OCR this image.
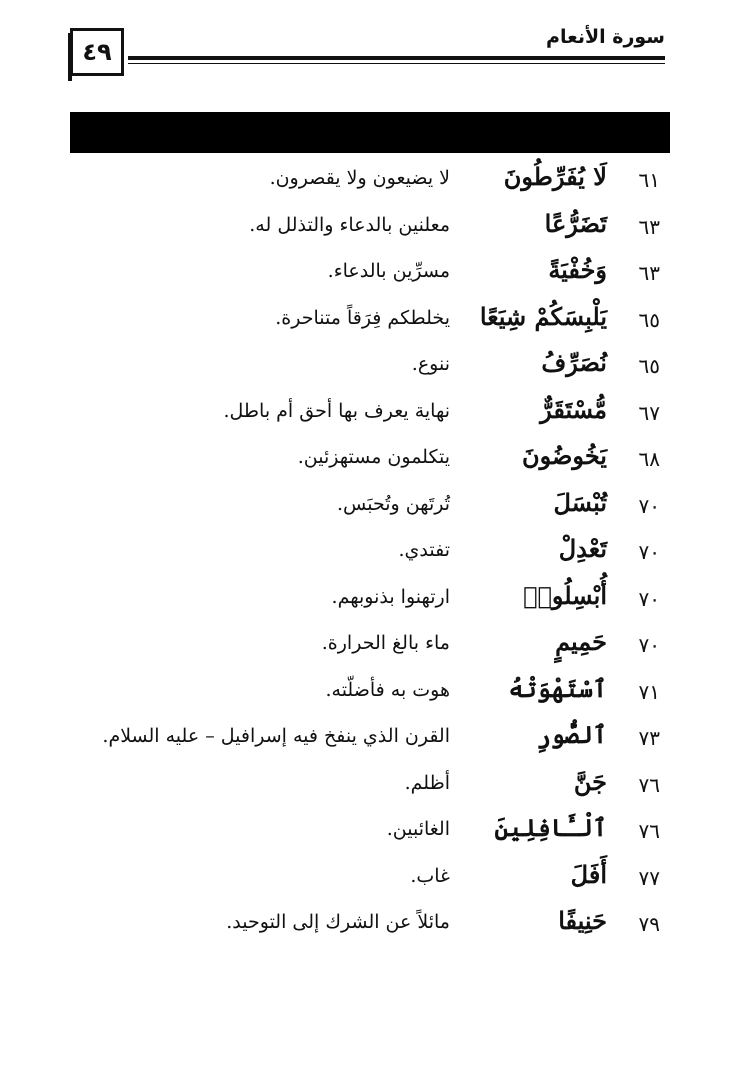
٤٩
سورة الأنعام
٦١
لَا يُفَرِّطُونَ
لا يضيعون ولا يقصرون.
٦٣
تَضَرُّعًا
معلنين بالدعاء والتذلل له.
٦٣
وَخُفْيَةً
مسرِّين بالدعاء.
٦٥
يَلْبِسَكُمْ شِيَعًا
يخلطكم فِرَقاً متناحرة.
٦٥
نُصَرِّفُ
ننوع.
٦٧
مُّسْتَقَرٌّ
نهاية يعرف بها أحق أم باطل.
٦٨
يَخُوضُونَ
يتكلمون مستهزئين.
٧٠
تُبْسَلَ
تُرتَهن وتُحبَس.
٧٠
تَعْدِلْ
تفتدي.
٧٠
أُبْسِلُوا۟
ارتهنوا بذنوبهم.
٧٠
حَمِيمٍ
ماء بالغ الحرارة.
٧١
ٱسْتَهْوَتْهُ
هوت به فأضلّته.
٧٣
ٱلصُّورِ
القرن الذي ينفخ فيه إسرافيل – عليه السلام.
٧٦
جَنَّ
أظلم.
٧٦
ٱلْـَٔافِلِينَ
الغائبين.
٧٧
أَفَلَ
غاب.
٧٩
حَنِيفًا
مائلاً عن الشرك إلى التوحيد.
